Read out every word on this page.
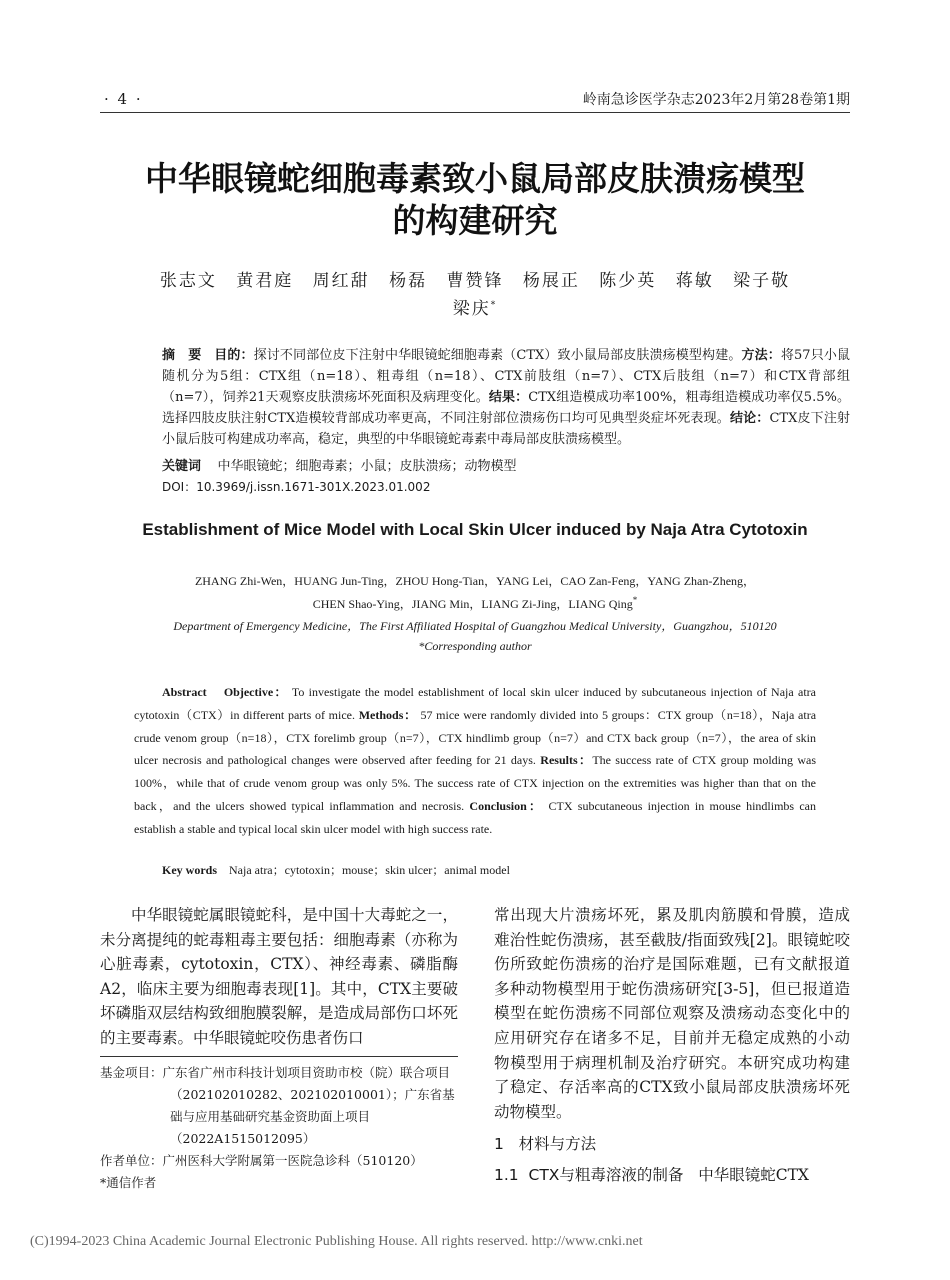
· 4 ·	岭南急诊医学杂志2023年2月第28卷第1期
中华眼镜蛇细胞毒素致小鼠局部皮肤溃疡模型
的构建研究
张志文 黄君庭 周红甜 杨磊 曹赞锋 杨展正 陈少英 蒋敏 梁子敬
梁庆*

摘　要 目的：探讨不同部位皮下注射中华眼镜蛇细胞毒素（CTX）致小鼠局部皮肤溃疡模型构建。方法：将57只小鼠随机分为5组：CTX组（n=18）、粗毒组（n=18）、CTX前肢组（n=7）、CTX后肢组（n=7）和CTX背部组（n=7），饲养21天观察皮肤溃疡坏死面积及病理变化。结果：CTX组造模成功率100%，粗毒组造模成功率仅5.5%。选择四肢皮肤注射CTX造模较背部成功率更高，不同注射部位溃疡伤口均可见典型炎症坏死表现。结论：CTX皮下注射小鼠后肢可构建成功率高，稳定，典型的中华眼镜蛇毒素中毒局部皮肤溃疡模型。

关键词 中华眼镜蛇；细胞毒素；小鼠；皮肤溃疡；动物模型
DOI：10.3969/j.issn.1671-301X.2023.01.002
Establishment of Mice Model with Local Skin Ulcer induced by Naja Atra Cytotoxin
ZHANG Zhi-Wen，HUANG Jun-Ting，ZHOU Hong-Tian，YANG Lei，CAO Zan-Feng，YANG Zhan-Zheng，
CHEN Shao-Ying，JIANG Min，LIANG Zi-Jing，LIANG Qing*
Department of Emergency Medicine，The First Affiliated Hospital of Guangzhou Medical University，Guangzhou，510120
*Corresponding author

Abstract Objective： To investigate the model establishment of local skin ulcer induced by subcutaneous injection of Naja atra cytotoxin（CTX）in different parts of mice. Methods： 57 mice were randomly divided into 5 groups：CTX group（n=18），Naja atra crude venom group（n=18），CTX forelimb group（n=7），CTX hindlimb group（n=7）and CTX back group（n=7），the area of skin ulcer necrosis and pathological changes were observed after feeding for 21 days. Results：The success rate of CTX group molding was 100%，while that of crude venom group was only 5%. The success rate of CTX injection on the extremities was higher than that on the back，and the ulcers showed typical inflammation and necrosis. Conclusion： CTX subcutaneous injection in mouse hindlimbs can establish a stable and typical local skin ulcer model with high success rate.

Key words Naja atra；cytotoxin；mouse；skin ulcer；animal model

中华眼镜蛇属眼镜蛇科，是中国十大毒蛇之一，未分离提纯的蛇毒粗毒主要包括：细胞毒素（亦称为心脏毒素，cytotoxin，CTX）、神经毒素、磷脂酶A2，临床主要为细胞毒表现[1]。其中，CTX主要破坏磷脂双层结构致细胞膜裂解，是造成局部伤口坏死的主要毒素。中华眼镜蛇咬伤患者伤口

基金项目：广东省广州市科技计划项目资助市校（院）联合项目（202102010282、202102010001）；广东省基础与应用基础研究基金资助面上项目（2022A1515012095）

作者单位：广州医科大学附属第一医院急诊科（510120）

*通信作者

常出现大片溃疡坏死，累及肌肉筋膜和骨膜，造成难治性蛇伤溃疡，甚至截肢/指面致残[2]。眼镜蛇咬伤所致蛇伤溃疡的治疗是国际难题，已有文献报道多种动物模型用于蛇伤溃疡研究[3-5]，但已报道造模型在蛇伤溃疡不同部位观察及溃疡动态变化中的应用研究存在诸多不足，目前并无稳定成熟的小动物模型用于病理机制及治疗研究。本研究成功构建了稳定、存活率高的CTX致小鼠局部皮肤溃疡坏死动物模型。

1 材料与方法

1.1 CTX与粗毒溶液的制备 中华眼镜蛇CTX

(C)1994-2023 China Academic Journal Electronic Publishing House. All rights reserved. http://www.cnki.net
